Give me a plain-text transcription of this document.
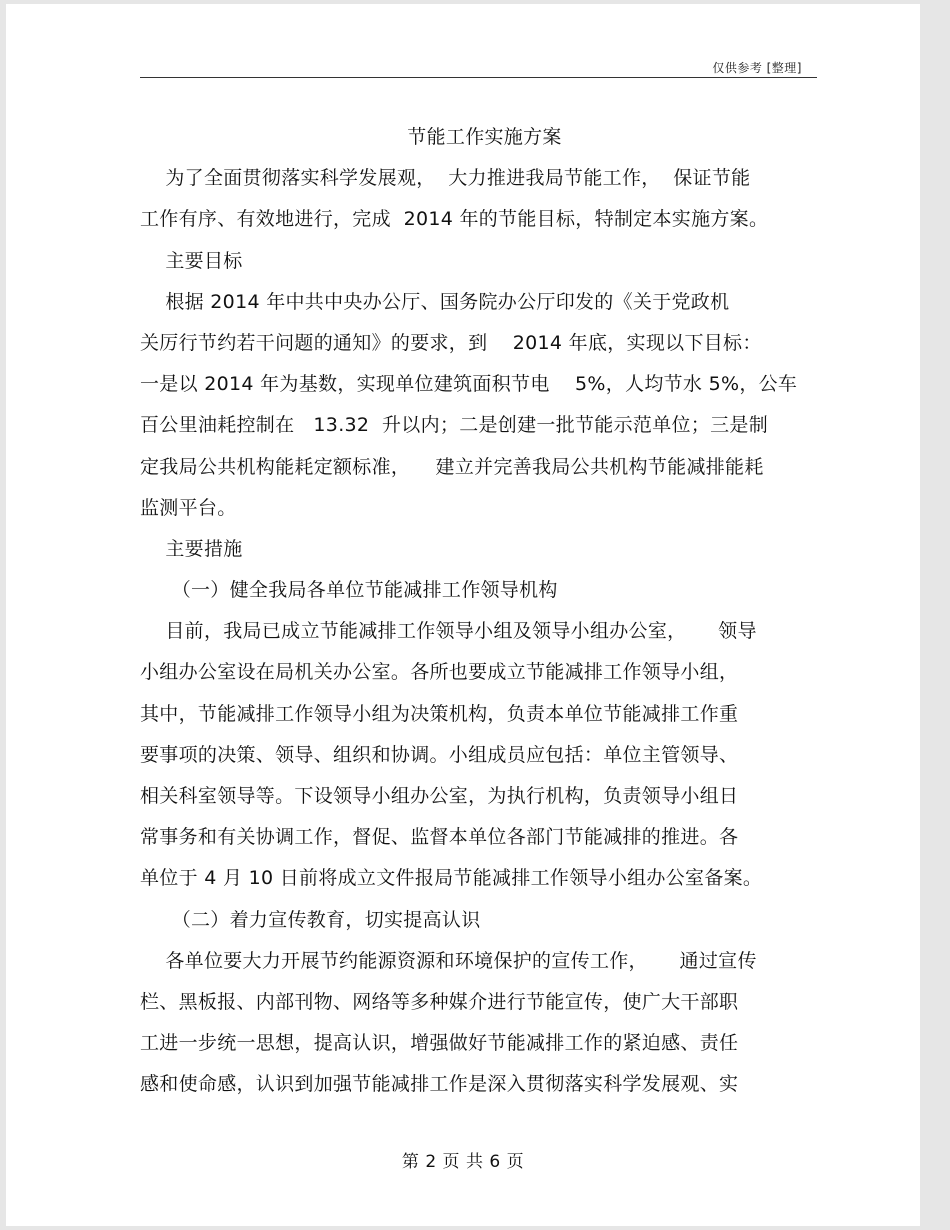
仅供参考 [整理]
节能工作实施方案
为了全面贯彻落实科学发展观，  大力推进我局节能工作，  保证节能
工作有序、有效地进行，完成  2014 年的节能目标，特制定本实施方案。
主要目标
根据 2014 年中共中央办公厅、国务院办公厅印发的《关于党政机
关厉行节约若干问题的通知》的要求，到    2014 年底，实现以下目标：
一是以 2014 年为基数，实现单位建筑面积节电    5%，人均节水 5%，公车
百公里油耗控制在   13.32  升以内；二是创建一批节能示范单位；三是制
定我局公共机构能耗定额标准，    建立并完善我局公共机构节能减排能耗
监测平台。
主要措施
（一）健全我局各单位节能减排工作领导机构
目前，我局已成立节能减排工作领导小组及领导小组办公室，     领导
小组办公室设在局机关办公室。各所也要成立节能减排工作领导小组，
其中，节能减排工作领导小组为决策机构，负责本单位节能减排工作重
要事项的决策、领导、组织和协调。小组成员应包括：单位主管领导、
相关科室领导等。下设领导小组办公室，为执行机构，负责领导小组日
常事务和有关协调工作，督促、监督本单位各部门节能减排的推进。各
单位于 4 月 10 日前将成立文件报局节能减排工作领导小组办公室备案。
（二）着力宣传教育，切实提高认识
各单位要大力开展节约能源资源和环境保护的宣传工作，     通过宣传
栏、黑板报、内部刊物、网络等多种媒介进行节能宣传，使广大干部职
工进一步统一思想，提高认识，增强做好节能减排工作的紧迫感、责任
感和使命感，认识到加强节能减排工作是深入贯彻落实科学发展观、实
第 2 页 共 6 页
